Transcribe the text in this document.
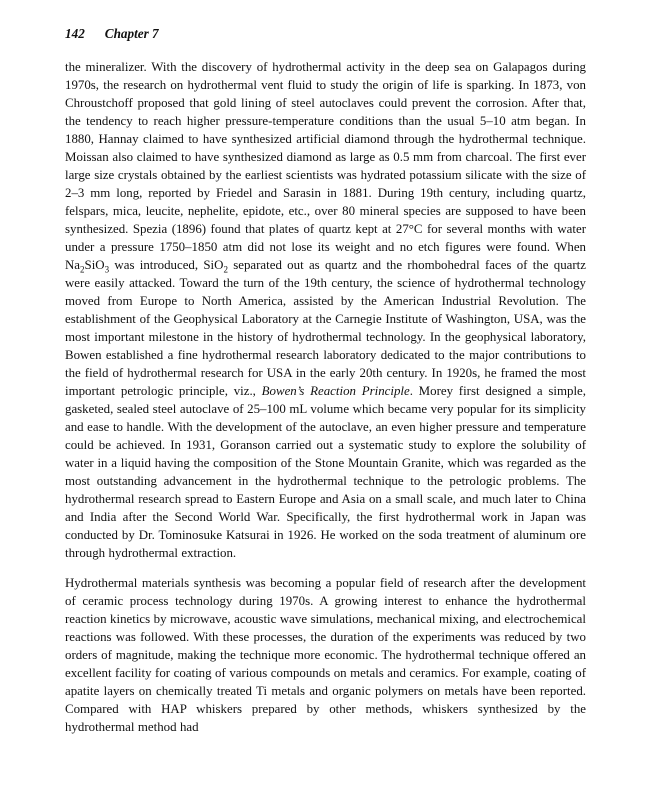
142 Chapter 7

the mineralizer. With the discovery of hydrothermal activity in the deep sea on Galapagos during 1970s, the research on hydrothermal vent fluid to study the origin of life is sparking. In 1873, von Chroustchoff proposed that gold lining of steel autoclaves could prevent the corrosion. After that, the tendency to reach higher pressure-temperature conditions than the usual 5–10 atm began. In 1880, Hannay claimed to have synthesized artificial diamond through the hydrothermal technique. Moissan also claimed to have synthesized diamond as large as 0.5 mm from charcoal. The first ever large size crystals obtained by the earliest scientists was hydrated potassium silicate with the size of 2–3 mm long, reported by Friedel and Sarasin in 1881. During 19th century, including quartz, felspars, mica, leucite, nephelite, epidote, etc., over 80 mineral species are supposed to have been synthesized. Spezia (1896) found that plates of quartz kept at 27°C for several months with water under a pressure 1750–1850 atm did not lose its weight and no etch figures were found. When $Na_2SiO_3$ was introduced, SiO$_2$ separated out as quartz and the rhombohedral faces of the quartz were easily attacked. Toward the turn of the 19th century, the science of hydrothermal technology moved from Europe to North America, assisted by the American Industrial Revolution. The establishment of the Geophysical Laboratory at the Carnegie Institute of Washington, USA, was the most important milestone in the history of hydrothermal technology. In the geophysical laboratory, Bowen established a fine hydrothermal research laboratory dedicated to the major contributions to the field of hydrothermal research for USA in the early 20th century. In 1920s, he framed the most important petrologic principle, viz., Bowen’s Reaction Principle. Morey first designed a simple, gasketed, sealed steel autoclave of 25–100 mL volume which became very popular for its simplicity and ease to handle. With the development of the autoclave, an even higher pressure and temperature could be achieved. In 1931, Goranson carried out a systematic study to explore the solubility of water in a liquid having the composition of the Stone Mountain Granite, which was regarded as the most outstanding advancement in the hydrothermal technique to the petrologic problems. The hydrothermal research spread to Eastern Europe and Asia on a small scale, and much later to China and India after the Second World War. Specifically, the first hydrothermal work in Japan was conducted by Dr. Tominosuke Katsurai in 1926. He worked on the soda treatment of aluminum ore through hydrothermal extraction.

Hydrothermal materials synthesis was becoming a popular field of research after the development of ceramic process technology during 1970s. A growing interest to enhance the hydrothermal reaction kinetics by microwave, acoustic wave simulations, mechanical mixing, and electrochemical reactions was followed. With these processes, the duration of the experiments was reduced by two orders of magnitude, making the technique more economic. The hydrothermal technique offered an excellent facility for coating of various compounds on metals and ceramics. For example, coating of apatite layers on chemically treated Ti metals and organic polymers on metals have been reported. Compared with HAP whiskers prepared by other methods, whiskers synthesized by the hydrothermal method had
